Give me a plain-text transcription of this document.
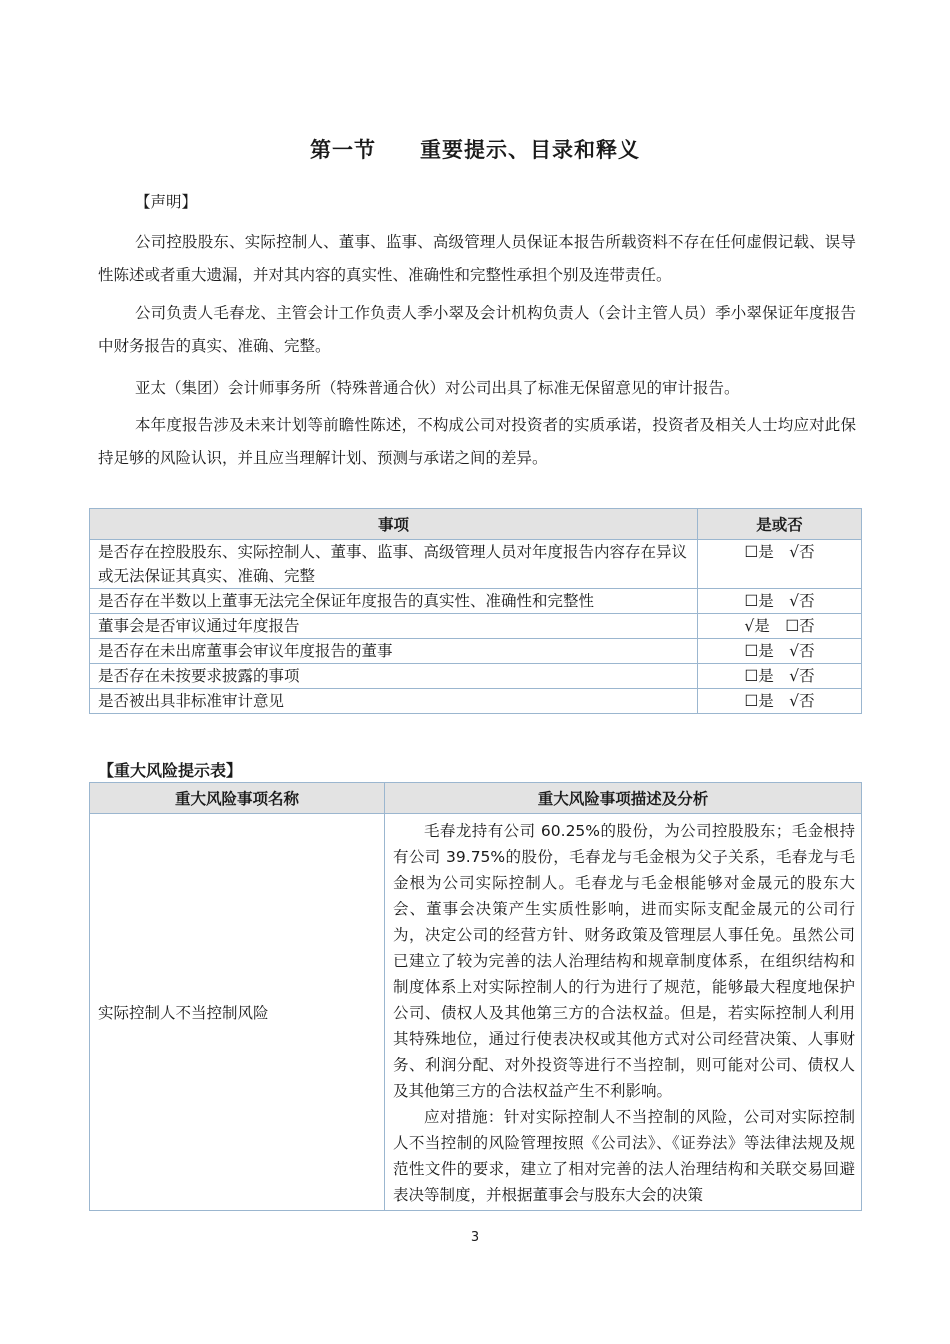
第一节　　重要提示、目录和释义

【声明】

公司控股股东、实际控制人、董事、监事、高级管理人员保证本报告所载资料不存在任何虚假记载、误导性陈述或者重大遗漏，并对其内容的真实性、准确性和完整性承担个别及连带责任。

公司负责人毛春龙、主管会计工作负责人季小翠及会计机构负责人（会计主管人员）季小翠保证年度报告中财务报告的真实、准确、完整。

亚太（集团）会计师事务所（特殊普通合伙）对公司出具了标准无保留意见的审计报告。

本年度报告涉及未来计划等前瞻性陈述，不构成公司对投资者的实质承诺，投资者及相关人士均应对此保持足够的风险认识，并且应当理解计划、预测与承诺之间的差异。

事项	是或否
是否存在控股股东、实际控制人、董事、监事、高级管理人员对年度报告内容存在异议或无法保证其真实、准确、完整	☐是　√否
是否存在半数以上董事无法完全保证年度报告的真实性、准确性和完整性	☐是　√否
董事会是否审议通过年度报告	√是　☐否
是否存在未出席董事会审议年度报告的董事	☐是　√否
是否存在未按要求披露的事项	☐是　√否
是否被出具非标准审计意见	☐是　√否
【重大风险提示表】
重大风险事项名称	重大风险事项描述及分析
实际控制人不当控制风险	毛春龙持有公司 60.25%的股份，为公司控股股东；毛金根持有公司 39.75%的股份，毛春龙与毛金根为父子关系，毛春龙与毛金根为公司实际控制人。毛春龙与毛金根能够对金晟元的股东大会、董事会决策产生实质性影响，进而实际支配金晟元的公司行为，决定公司的经营方针、财务政策及管理层人事任免。虽然公司已建立了较为完善的法人治理结构和规章制度体系，在组织结构和制度体系上对实际控制人的行为进行了规范，能够最大程度地保护公司、债权人及其他第三方的合法权益。但是，若实际控制人利用其特殊地位，通过行使表决权或其他方式对公司经营决策、人事财务、利润分配、对外投资等进行不当控制，则可能对公司、债权人及其他第三方的合法权益产生不利影响。

应对措施：针对实际控制人不当控制的风险，公司对实际控制人不当控制的风险管理按照《公司法》、《证券法》等法律法规及规范性文件的要求，建立了相对完善的法人治理结构和关联交易回避表决等制度，并根据董事会与股东大会的决策

3
